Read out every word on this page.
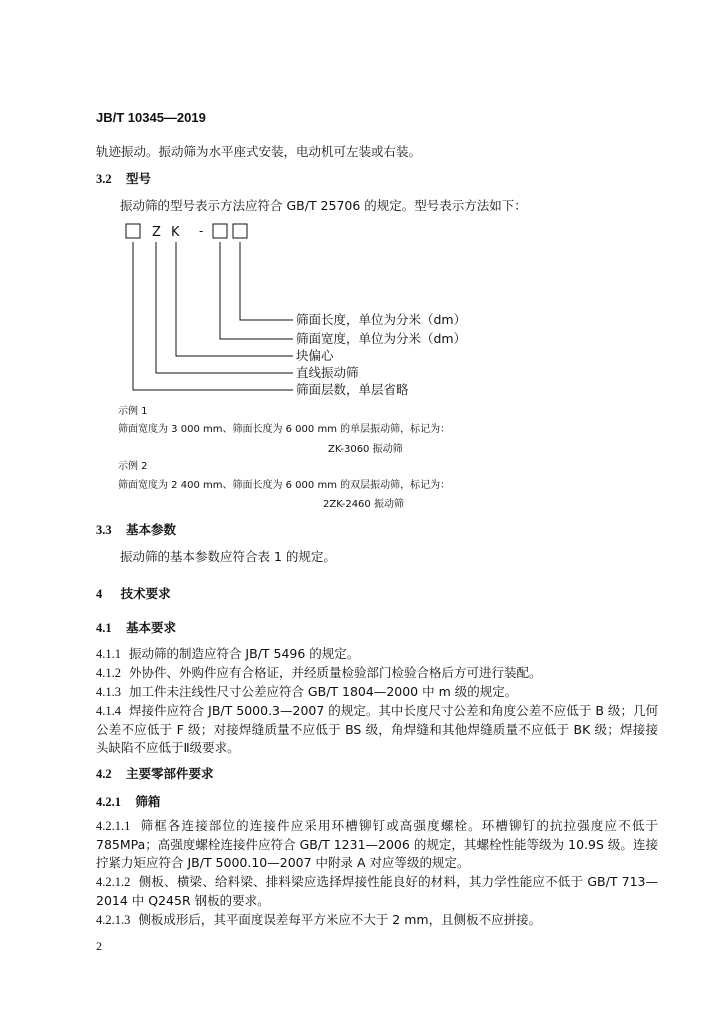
JB/T 10345—2019
轨迹振动。振动筛为水平座式安装，电动机可左装或右装。
3.2 型号
振动筛的型号表示方法应符合 GB/T 25706 的规定。型号表示方法如下：
Z K -
筛面长度，单位为分米（dm）
筛面宽度，单位为分米（dm）
块偏心
直线振动筛
筛面层数，单层省略
示例 1
筛面宽度为 3 000 mm、筛面长度为 6 000 mm 的单层振动筛，标记为：
ZK-3060 振动筛
示例 2
筛面宽度为 2 400 mm、筛面长度为 6 000 mm 的双层振动筛，标记为：
2ZK-2460 振动筛
3.3 基本参数
振动筛的基本参数应符合表 1 的规定。
4 技术要求
4.1 基本要求
4.1.1 振动筛的制造应符合 JB/T 5496 的规定。
4.1.2 外协件、外购件应有合格证，并经质量检验部门检验合格后方可进行装配。
4.1.3 加工件未注线性尺寸公差应符合 GB/T 1804—2000 中 m 级的规定。
4.1.4 焊接件应符合 JB/T 5000.3—2007 的规定。其中长度尺寸公差和角度公差不应低于 B 级；几何公差不应低于 F 级；对接焊缝质量不应低于 BS 级，角焊缝和其他焊缝质量不应低于 BK 级；焊接接头缺陷不应低于Ⅱ级要求。
4.2 主要零部件要求
4.2.1 筛箱
4.2.1.1 筛框各连接部位的连接件应采用环槽铆钉或高强度螺栓。环槽铆钉的抗拉强度应不低于 785MPa；高强度螺栓连接件应符合 GB/T 1231—2006 的规定，其螺栓性能等级为 10.9S 级。连接拧紧力矩应符合 JB/T 5000.10—2007 中附录 A 对应等级的规定。
4.2.1.2 侧板、横梁、给料梁、排料梁应选择焊接性能良好的材料，其力学性能应不低于 GB/T 713—2014 中 Q245R 钢板的要求。
4.2.1.3 侧板成形后，其平面度误差每平方米应不大于 2 mm，且侧板不应拼接。
2
